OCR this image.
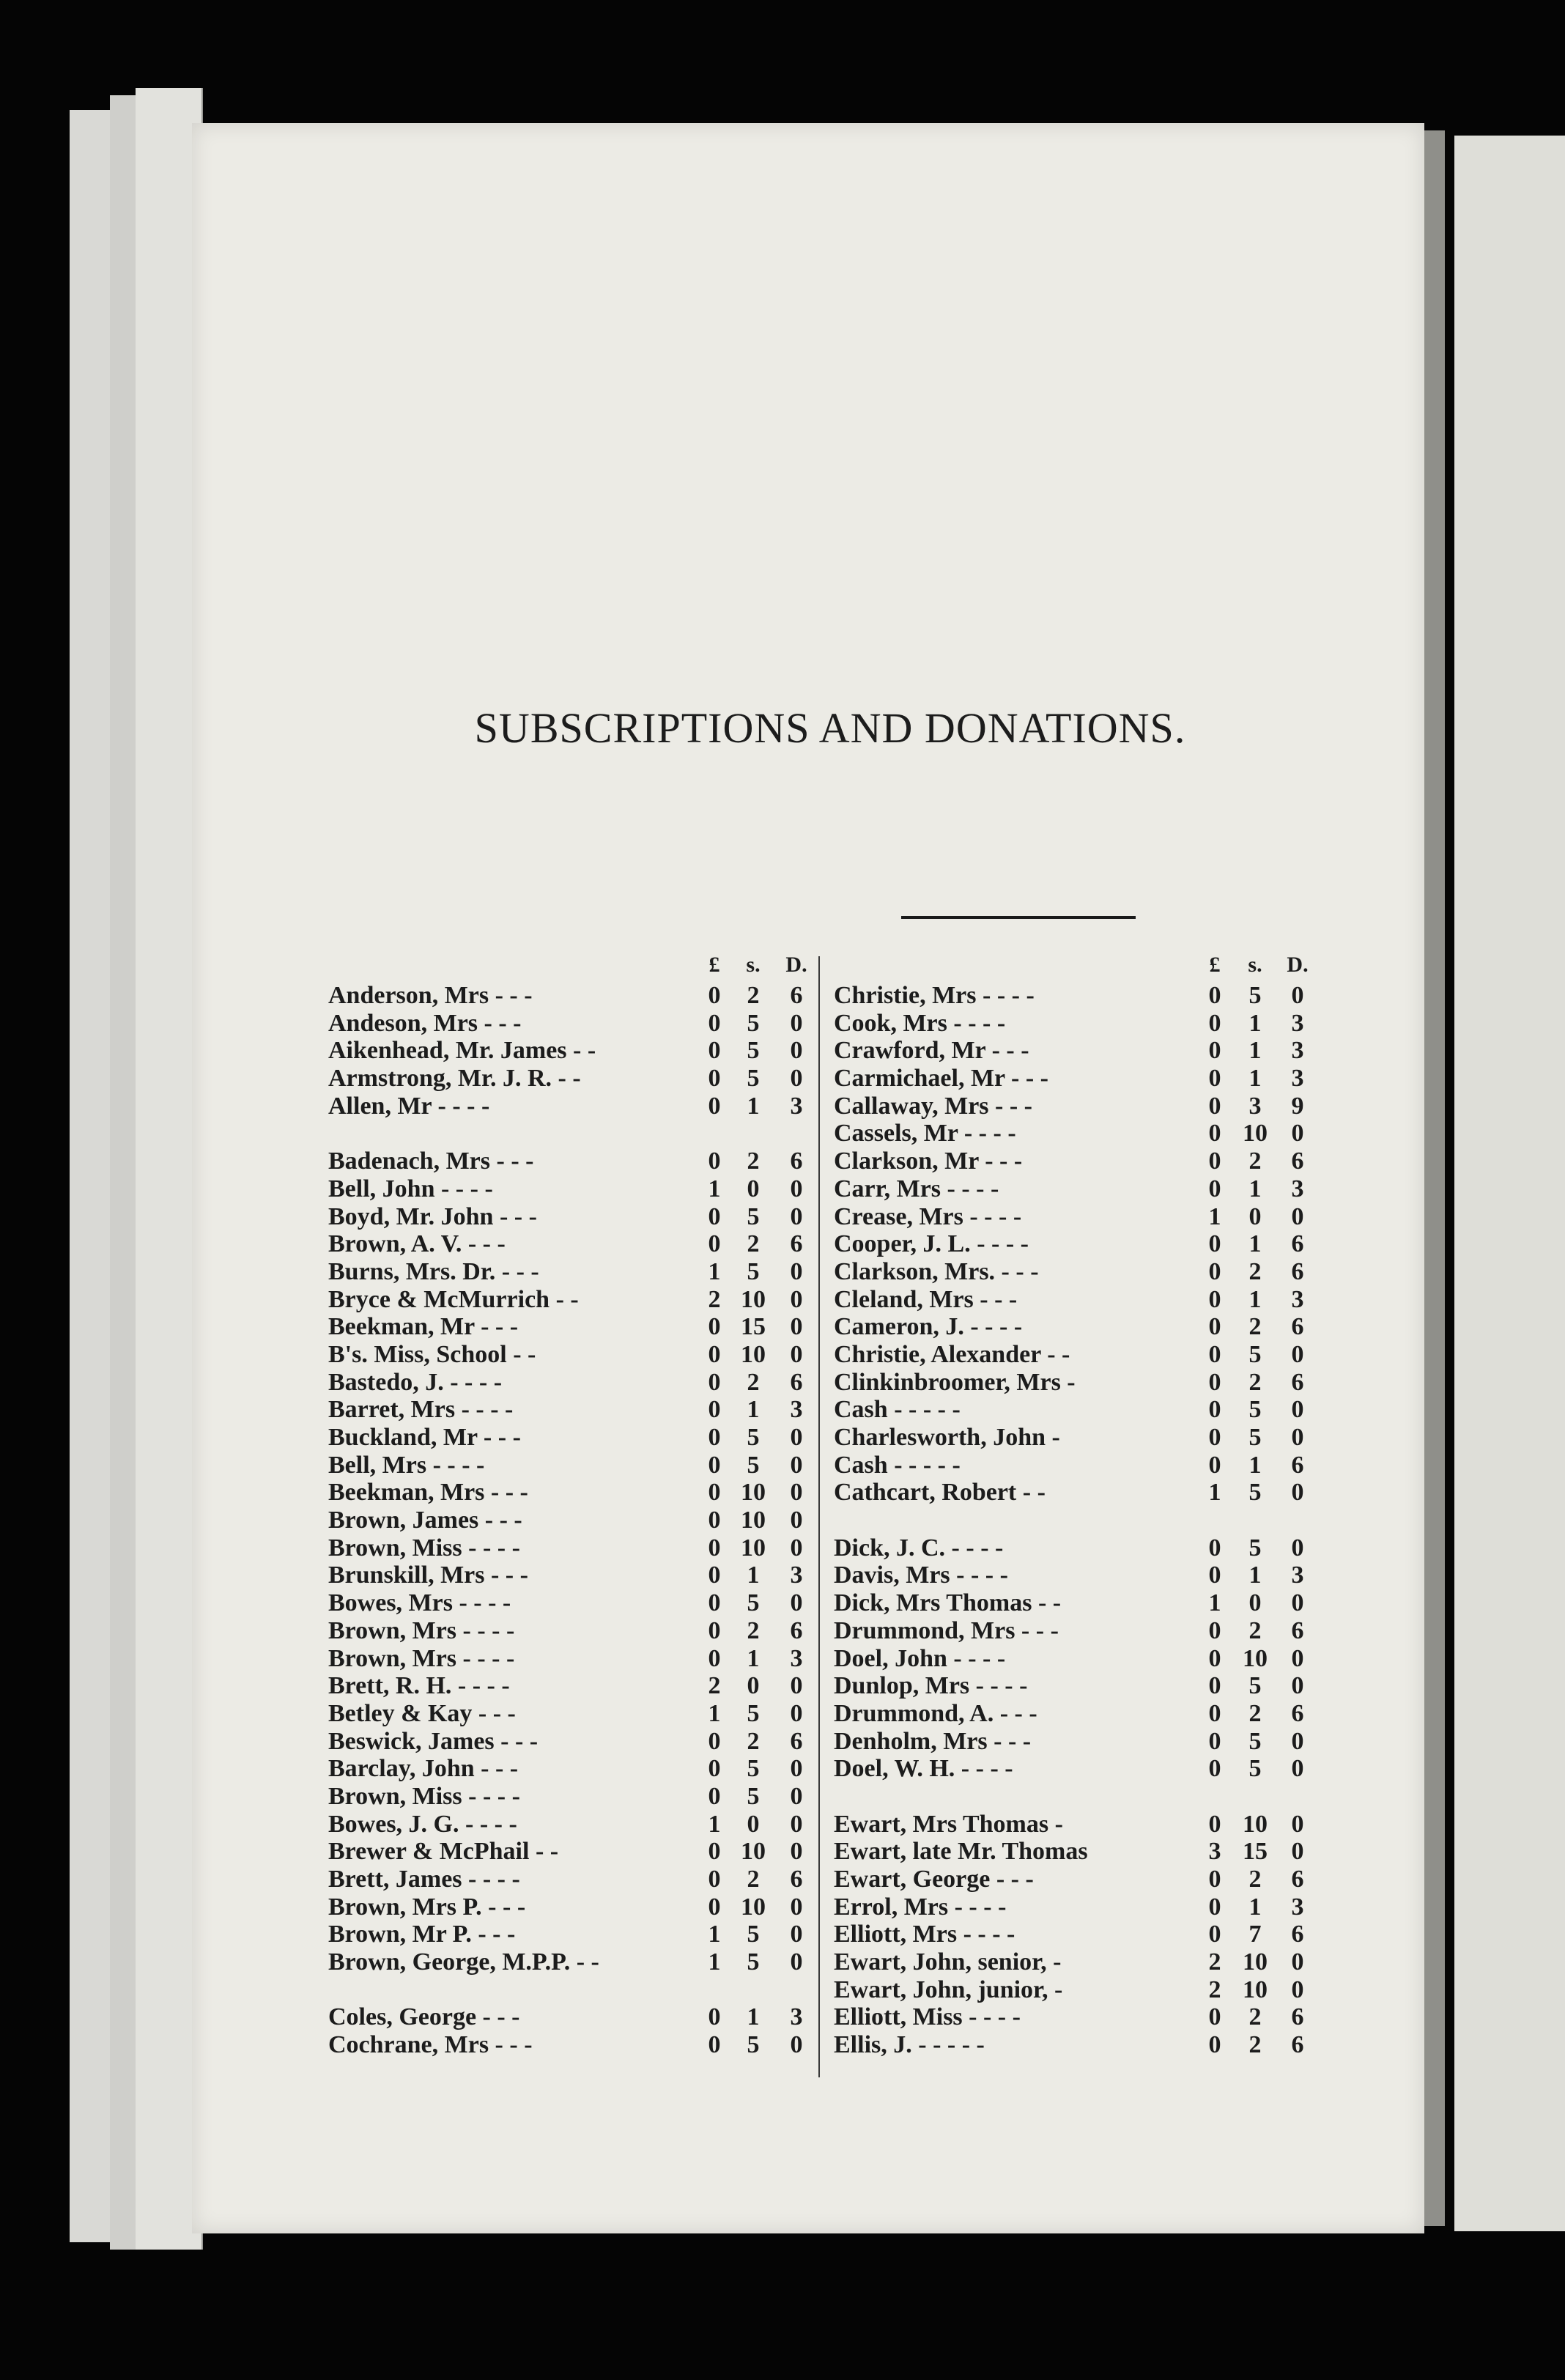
SUBSCRIPTIONS AND DONATIONS.
£	s.	D.
Anderson, Mrs - - -	0	2	6
Andeson, Mrs - - -	0	5	0
Aikenhead, Mr. James - -	0	5	0
Armstrong, Mr. J. R. - -	0	5	0
Allen, Mr - - - -	0	1	3
Badenach, Mrs - - -	0	2	6
Bell, John - - - -	1	0	0
Boyd, Mr. John - - -	0	5	0
Brown, A. V. - - -	0	2	6
Burns, Mrs. Dr. - - -	1	5	0
Bryce & McMurrich - -	2 10 0
Beekman, Mr - - -	0 15 0
B's. Miss, School - -	0 10 0
Bastedo, J. - - - -	0	2	6
Barret, Mrs - - - -	0	1	3
Buckland, Mr - - -	0	5	0
Bell, Mrs - - - -	0	5	0
Beekman, Mrs - - -	0 10 0
Brown, James - - -	0 10 0
Brown, Miss - - - -	0 10 0
Brunskill, Mrs - - -	0	1	3
Bowes, Mrs - - - -	0	5	0
Brown, Mrs - - - -	0	2	6
Brown, Mrs - - - -	0	1	3
Brett, R. H. - - - -	2	0	0
Betley & Kay - - -	1	5	0
Beswick, James - - -	0	2	6
Barclay, John - - -	0	5	0
Brown, Miss - - - -	0	5	0
Bowes, J. G. - - - -	1	0	0
Brewer & McPhail - -	0 10 0
Brett, James - - - -	0	2	6
Brown, Mrs P. - - -	0 10 0
Brown, Mr P. - - -	1	5	0
Brown, George, M.P.P. - -	1	5	0
Coles, George - - -	0	1	3
Cochrane, Mrs - - -	0	5	0
£	s.	D.
Christie, Mrs - - - -	0	5	0
Cook, Mrs - - - -	0	1	3
Crawford, Mr - - -	0	1	3
Carmichael, Mr - - -	0	1	3
Callaway, Mrs - - -	0	3	9
Cassels, Mr - - - -	0 10 0
Clarkson, Mr - - -	0	2	6
Carr, Mrs - - - -	0	1	3
Crease, Mrs - - - -	1	0	0
Cooper, J. L. - - - -	0	1	6
Clarkson, Mrs. - - -	0	2	6
Cleland, Mrs - - -	0	1	3
Cameron, J. - - - -	0	2	6
Christie, Alexander - -	0	5	0
Clinkinbroomer, Mrs -	0	2	6
Cash - - - - -	0	5	0
Charlesworth, John -	0	5	0
Cash - - - - -	0	1	6
Cathcart, Robert - -	1	5	0
Dick, J. C. - - - -	0	5	0
Davis, Mrs - - - -	0	1	3
Dick, Mrs Thomas - -	1	0	0
Drummond, Mrs - - -	0	2	6
Doel, John - - - -	0 10 0
Dunlop, Mrs - - - -	0	5	0
Drummond, A. - - -	0	2	6
Denholm, Mrs - - -	0	5	0
Doel, W. H. - - - -	0	5	0
Ewart, Mrs Thomas -	0 10 0
Ewart, late Mr. Thomas	3 15 0
Ewart, George - - -	0	2	6
Errol, Mrs - - - -	0	1	3
Elliott, Mrs - - - -	0	7	6
Ewart, John, senior, -	2 10 0
Ewart, John, junior, -	2 10 0
Elliott, Miss - - - -	0	2	6
Ellis, J. - - - - -	0	2	6
